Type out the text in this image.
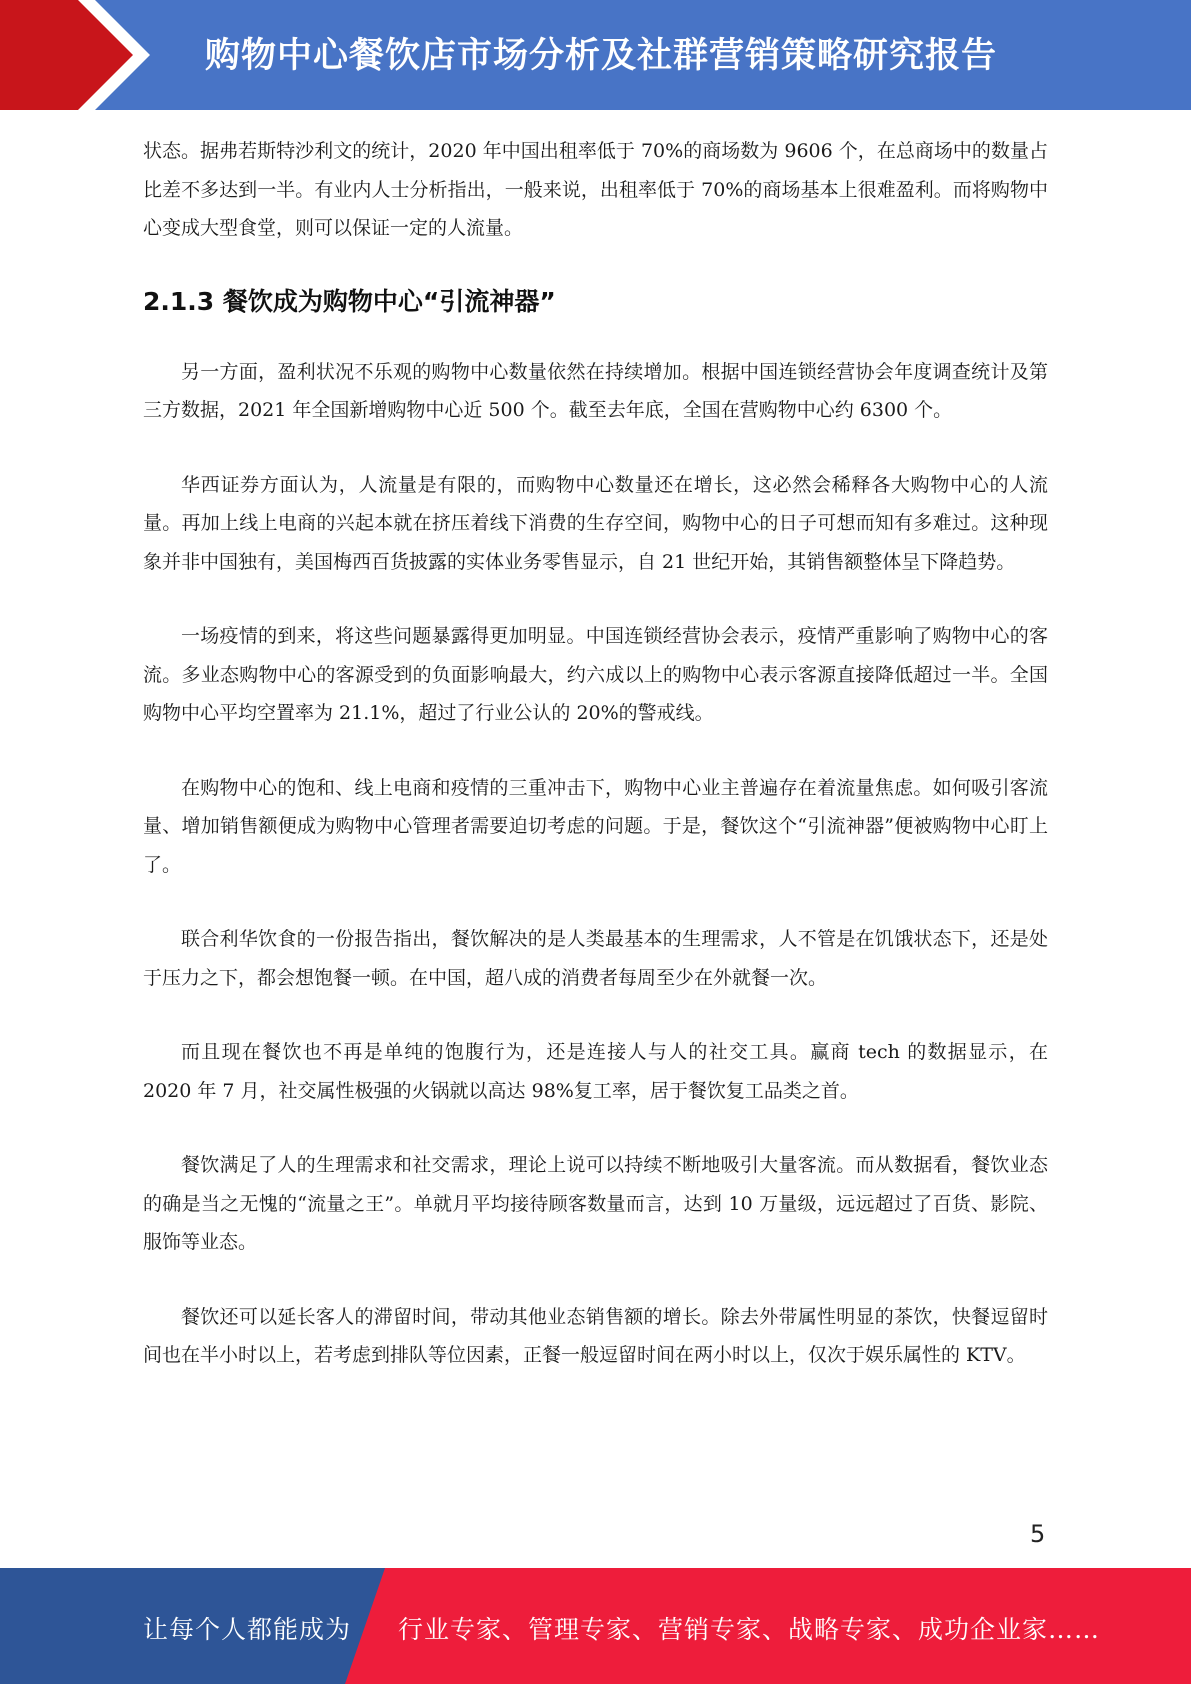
购物中心餐饮店市场分析及社群营销策略研究报告

状态。据弗若斯特沙利文的统计，2020 年中国出租率低于 70%的商场数为 9606 个，在总商场中的数量占比差不多达到一半。有业内人士分析指出，一般来说，出租率低于 70%的商场基本上很难盈利。而将购物中心变成大型食堂，则可以保证一定的人流量。

2.1.3 餐饮成为购物中心“引流神器”

另一方面，盈利状况不乐观的购物中心数量依然在持续增加。根据中国连锁经营协会年度调查统计及第三方数据，2021 年全国新增购物中心近 500 个。截至去年底，全国在营购物中心约 6300 个。

华西证券方面认为，人流量是有限的，而购物中心数量还在增长，这必然会稀释各大购物中心的人流量。再加上线上电商的兴起本就在挤压着线下消费的生存空间，购物中心的日子可想而知有多难过。这种现象并非中国独有，美国梅西百货披露的实体业务零售显示，自 21 世纪开始，其销售额整体呈下降趋势。

一场疫情的到来，将这些问题暴露得更加明显。中国连锁经营协会表示，疫情严重影响了购物中心的客流。多业态购物中心的客源受到的负面影响最大，约六成以上的购物中心表示客源直接降低超过一半。全国购物中心平均空置率为 21.1%，超过了行业公认的 20%的警戒线。

在购物中心的饱和、线上电商和疫情的三重冲击下，购物中心业主普遍存在着流量焦虑。如何吸引客流量、增加销售额便成为购物中心管理者需要迫切考虑的问题。于是，餐饮这个“引流神器”便被购物中心盯上了。

联合利华饮食的一份报告指出，餐饮解决的是人类最基本的生理需求，人不管是在饥饿状态下，还是处于压力之下，都会想饱餐一顿。在中国，超八成的消费者每周至少在外就餐一次。

而且现在餐饮也不再是单纯的饱腹行为，还是连接人与人的社交工具。赢商 tech 的数据显示，在 2020 年 7 月，社交属性极强的火锅就以高达 98%复工率，居于餐饮复工品类之首。

餐饮满足了人的生理需求和社交需求，理论上说可以持续不断地吸引大量客流。而从数据看，餐饮业态的确是当之无愧的“流量之王”。单就月平均接待顾客数量而言，达到 10 万量级，远远超过了百货、影院、服饰等业态。

餐饮还可以延长客人的滞留时间，带动其他业态销售额的增长。除去外带属性明显的茶饮，快餐逗留时间也在半小时以上，若考虑到排队等位因素，正餐一般逗留时间在两小时以上，仅次于娱乐属性的 KTV。

5
让每个人都能成为 行业专家、管理专家、营销专家、战略专家、成功企业家……
